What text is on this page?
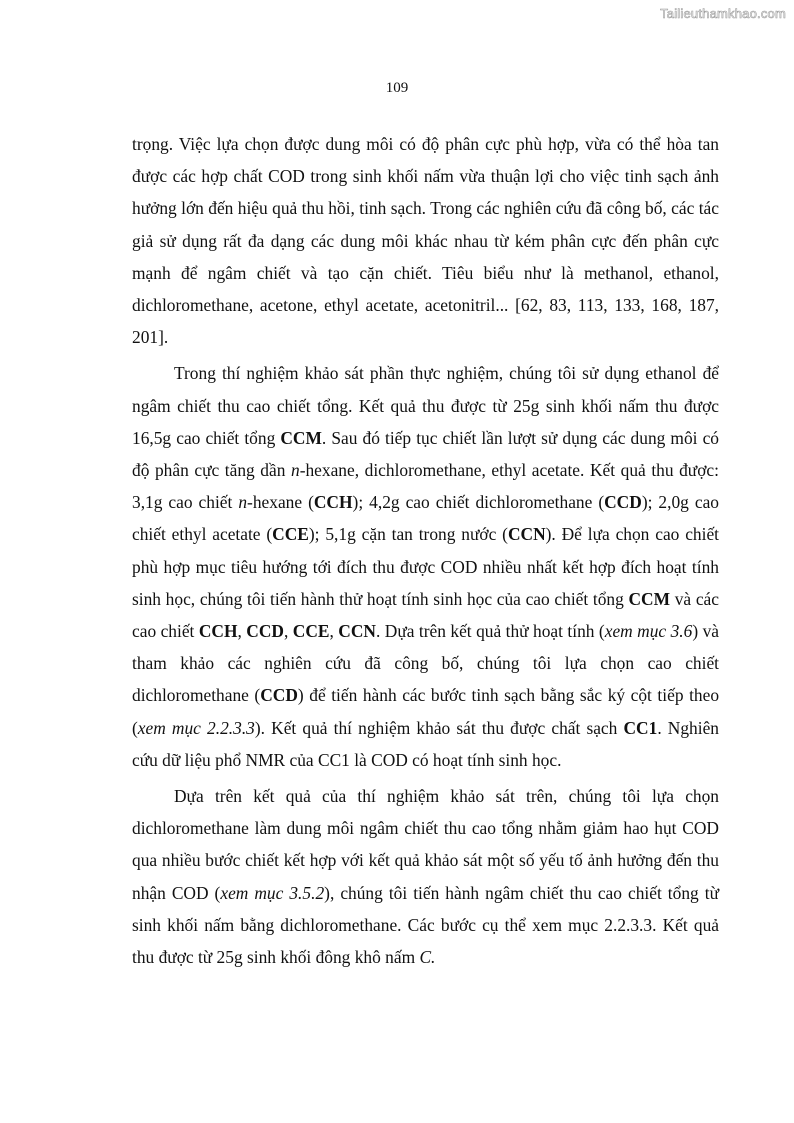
Tailieuthamkhao.com
109

trọng. Việc lựa chọn được dung môi có độ phân cực phù hợp, vừa có thể hòa tan được các hợp chất COD trong sinh khối nấm vừa thuận lợi cho việc tinh sạch ảnh hưởng lớn đến hiệu quả thu hồi, tinh sạch. Trong các nghiên cứu đã công bố, các tác giả sử dụng rất đa dạng các dung môi khác nhau từ kém phân cực đến phân cực mạnh để ngâm chiết và tạo cặn chiết. Tiêu biểu như là methanol, ethanol, dichloromethane, acetone, ethyl acetate, acetonitril... [62, 83, 113, 133, 168, 187, 201].

Trong thí nghiệm khảo sát phần thực nghiệm, chúng tôi sử dụng ethanol để ngâm chiết thu cao chiết tổng. Kết quả thu được từ 25g sinh khối nấm thu được 16,5g cao chiết tổng CCM. Sau đó tiếp tục chiết lần lượt sử dụng các dung môi có độ phân cực tăng dần n-hexane, dichloromethane, ethyl acetate. Kết quả thu được: 3,1g cao chiết n-hexane (CCH); 4,2g cao chiết dichloromethane (CCD); 2,0g cao chiết ethyl acetate (CCE); 5,1g cặn tan trong nước (CCN). Để lựa chọn cao chiết phù hợp mục tiêu hướng tới đích thu được COD nhiều nhất kết hợp đích hoạt tính sinh học, chúng tôi tiến hành thử hoạt tính sinh học của cao chiết tổng CCM và các cao chiết CCH, CCD, CCE, CCN. Dựa trên kết quả thử hoạt tính (xem mục 3.6) và tham khảo các nghiên cứu đã công bố, chúng tôi lựa chọn cao chiết dichloromethane (CCD) để tiến hành các bước tinh sạch bằng sắc ký cột tiếp theo (xem mục 2.2.3.3). Kết quả thí nghiệm khảo sát thu được chất sạch CC1. Nghiên cứu dữ liệu phổ NMR của CC1 là COD có hoạt tính sinh học.

Dựa trên kết quả của thí nghiệm khảo sát trên, chúng tôi lựa chọn dichloromethane làm dung môi ngâm chiết thu cao tổng nhằm giảm hao hụt COD qua nhiều bước chiết kết hợp với kết quả khảo sát một số yếu tố ảnh hưởng đến thu nhận COD (xem mục 3.5.2), chúng tôi tiến hành ngâm chiết thu cao chiết tổng từ sinh khối nấm bằng dichloromethane. Các bước cụ thể xem mục 2.2.3.3. Kết quả thu được từ 25g sinh khối đông khô nấm C.
